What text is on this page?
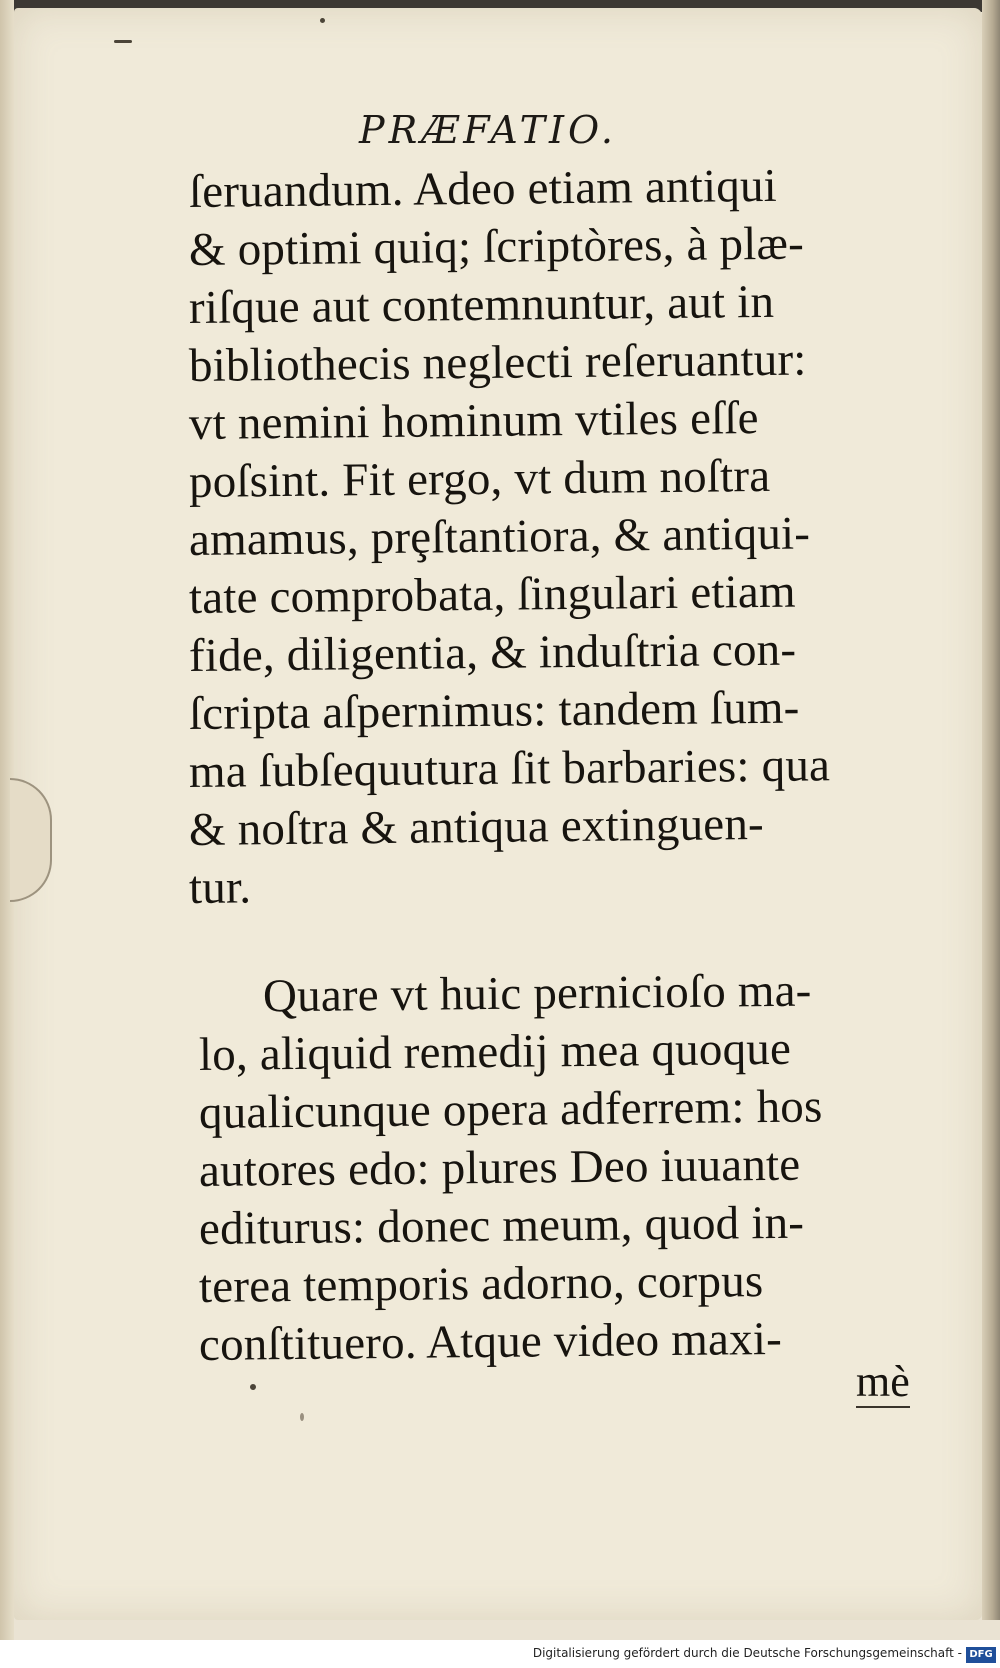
PRÆFATIO.
ſeruandum. Adeo etiam antiqui
& optimi quiq; ſcriptòres, à plæ-
riſque aut contemnuntur, aut in
bibliothecis neglecti reſeruantur:
vt nemini hominum vtiles eſſe
poſsint. Fit ergo, vt dum noſtra
amamus, prȩſtantiora, & antiqui-
tate comprobata, ſingulari etiam
fide, diligentia, & induſtria con-
ſcripta aſpernimus: tandem ſum-
ma ſubſequutura ſit barbaries: qua
& noſtra & antiqua extinguen-
tur.
Quare vt huic pernicioſo ma-
lo, aliquid remedij mea quoque
qualicunque opera adferrem: hos
autores edo: plures Deo iuuante
editurus: donec meum, quod in-
terea temporis adorno, corpus
conſtituero. Atque video maxi-
mè
Digitalisierung gefördert durch die Deutsche Forschungsgemeinschaft - DFG
